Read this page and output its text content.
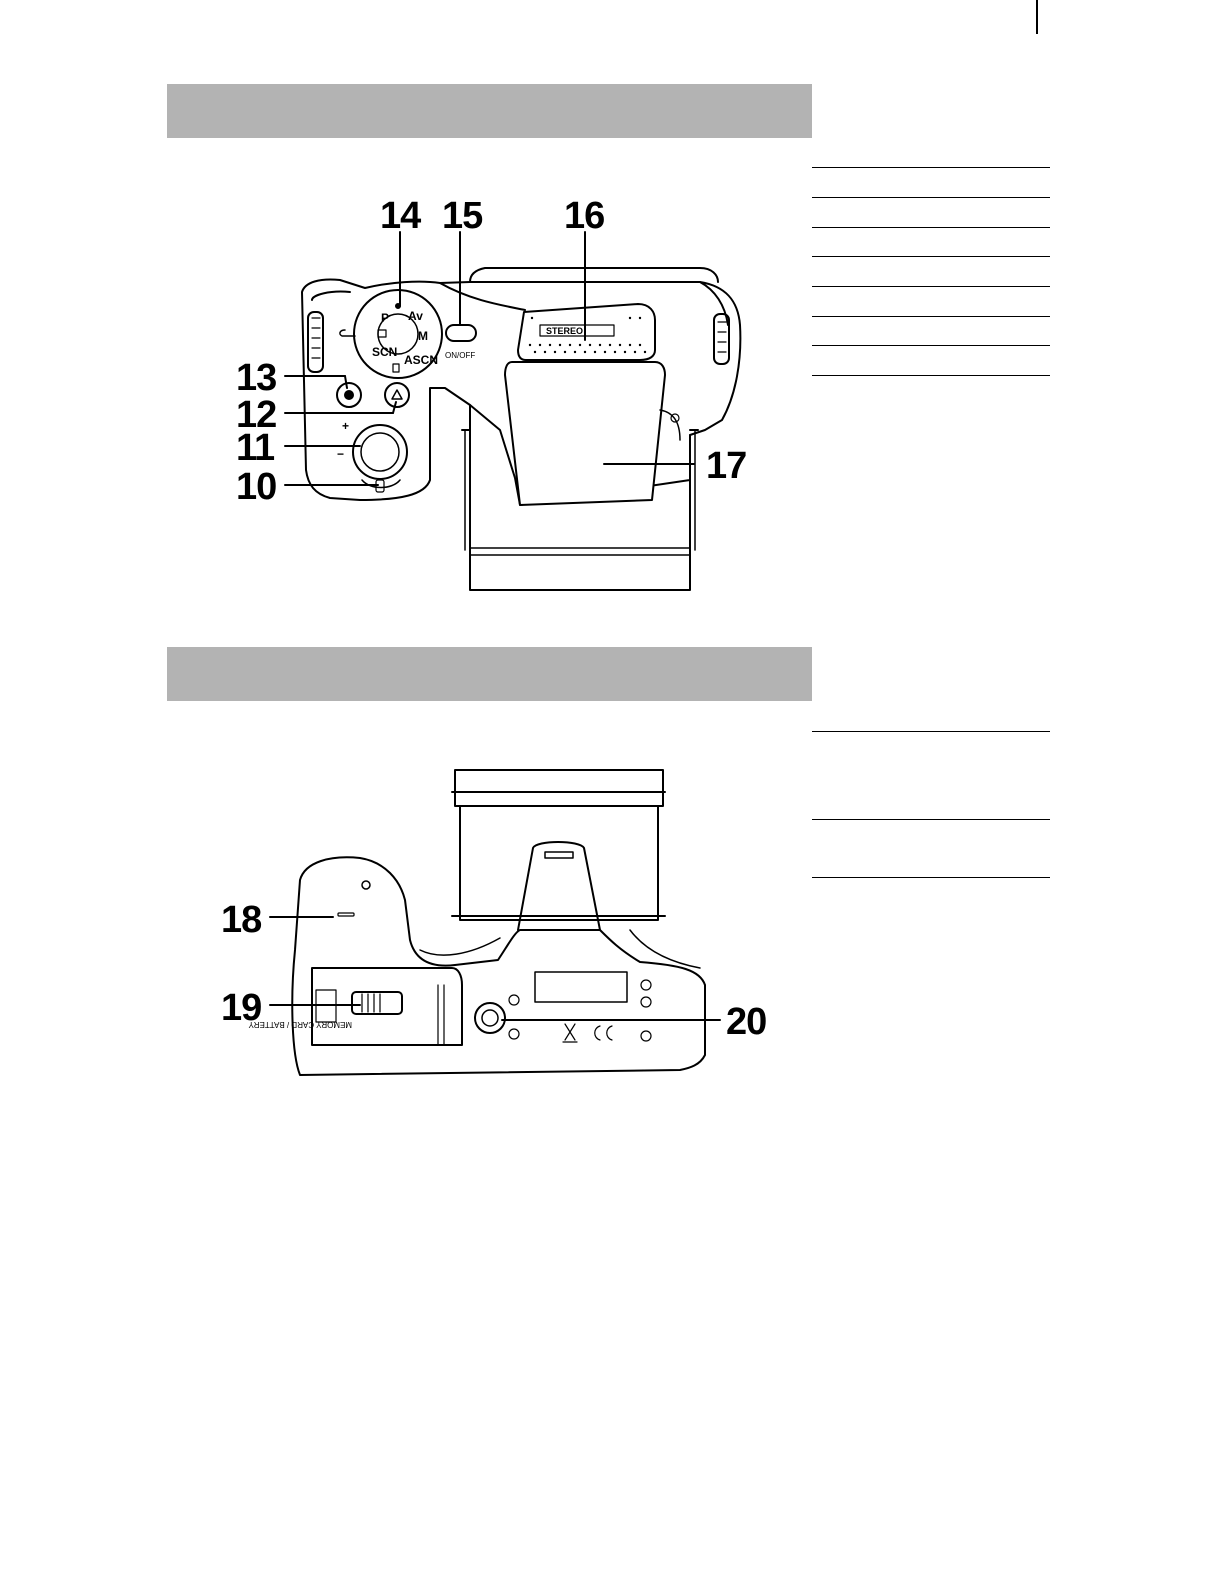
P Av
M
ASCN
SCN	ON/OFF
STEREO
+
−
14 15 16
13
12
11
10	17
MEMORY CARD / BATTERY
18
19	20
